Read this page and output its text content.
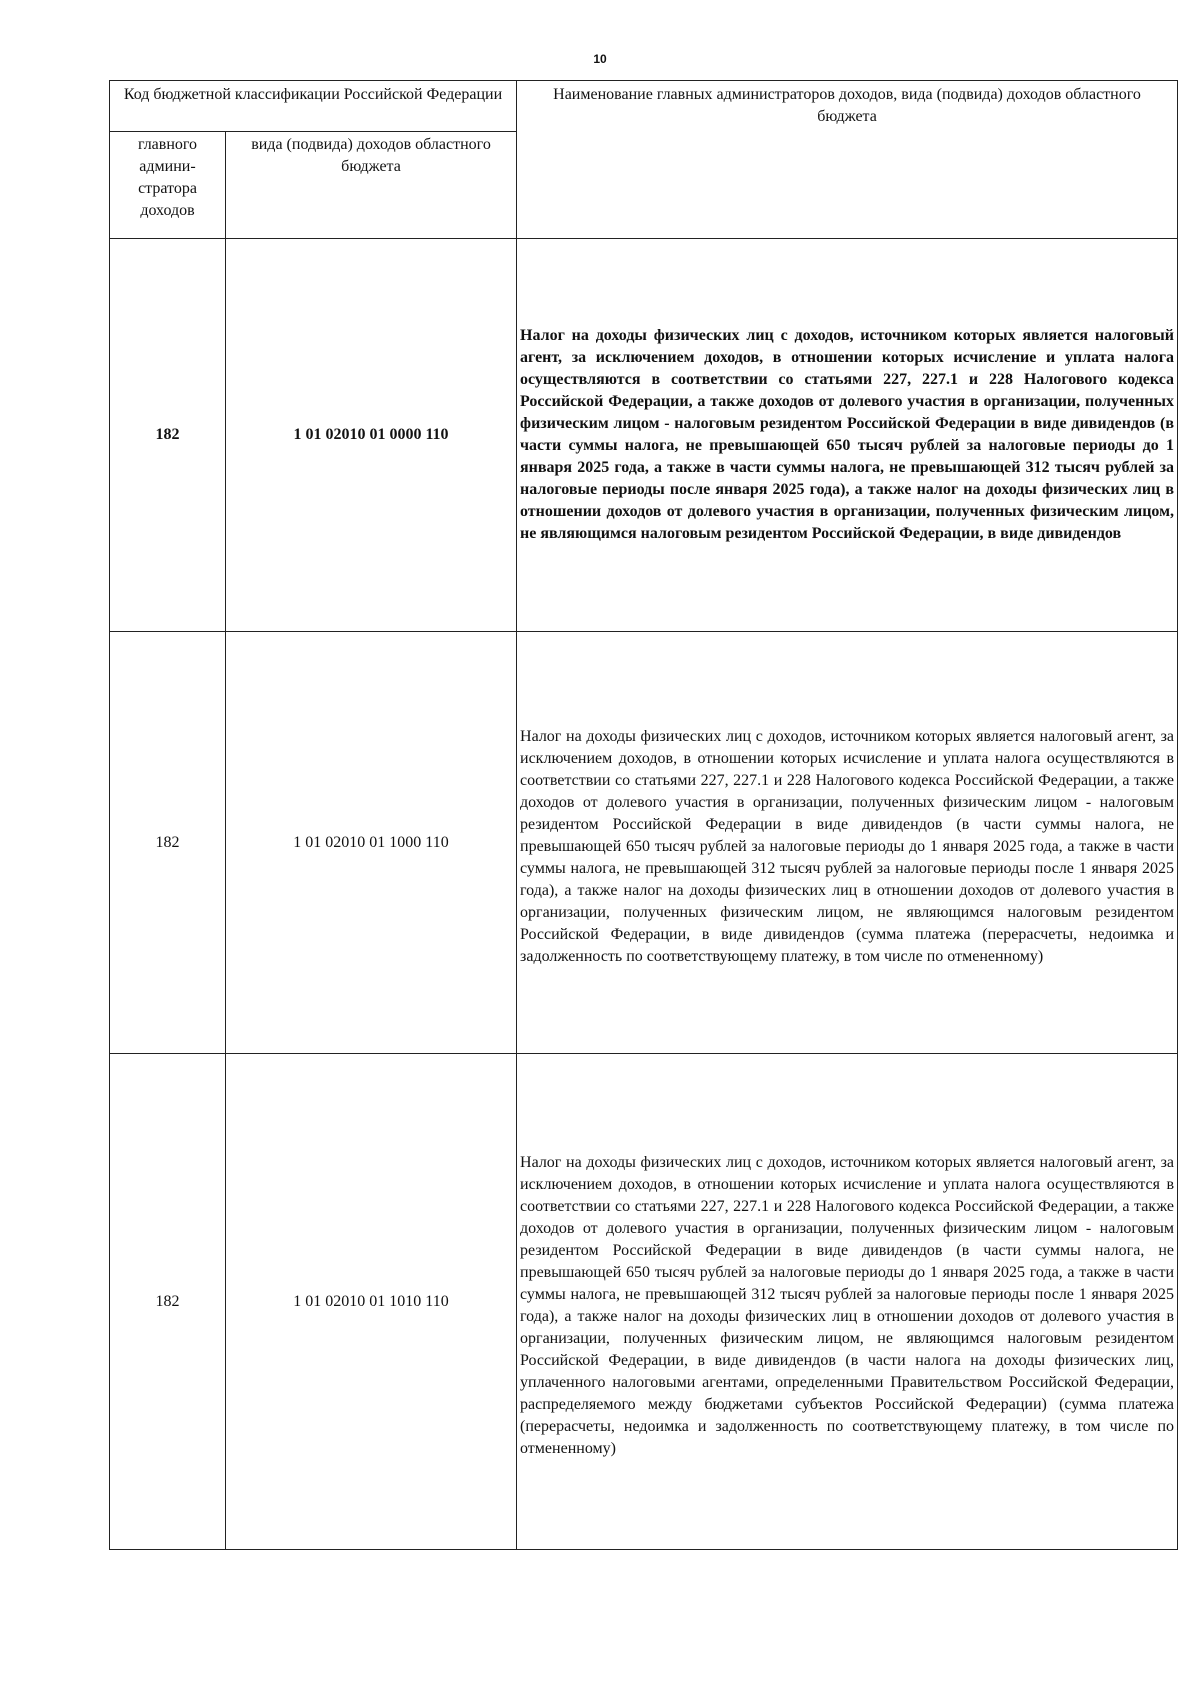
10
Код бюджетной классификации Российской Федерации		Наименование главных администраторов доходов, вида (подвида) доходов областного бюджета
главного админи-стратора доходов	вида (подвида) доходов областного бюджета	
182	1 01 02010 01 0000 110	Налог на доходы физических лиц с доходов, источником которых является налоговый агент, за исключением доходов, в отношении которых исчисление и уплата налога осуществляются в соответствии со статьями 227, 227.1 и 228 Налогового кодекса Российской Федерации, а также доходов от долевого участия в организации, полученных физическим лицом - налоговым резидентом Российской Федерации в виде дивидендов (в части суммы налога, не превышающей 650 тысяч рублей за налоговые периоды до 1 января 2025 года, а также в части суммы налога, не превышающей 312 тысяч рублей за налоговые периоды после января 2025 года), а также налог на доходы физических лиц в отношении доходов от долевого участия в организации, полученных физическим лицом, не являющимся налоговым резидентом Российской Федерации, в виде дивидендов
182	1 01 02010 01 1000 110	Налог на доходы физических лиц с доходов, источником которых является налоговый агент, за исключением доходов, в отношении которых исчисление и уплата налога осуществляются в соответствии со статьями 227, 227.1 и 228 Налогового кодекса Российской Федерации, а также доходов от долевого участия в организации, полученных физическим лицом - налоговым резидентом Российской Федерации в виде дивидендов (в части суммы налога, не превышающей 650 тысяч рублей за налоговые периоды до 1 января 2025 года, а также в части суммы налога, не превышающей 312 тысяч рублей за налоговые периоды после 1 января 2025 года), а также налог на доходы физических лиц в отношении доходов от долевого участия в организации, полученных физическим лицом, не являющимся налоговым резидентом Российской Федерации, в виде дивидендов (сумма платежа (перерасчеты, недоимка и задолженность по соответствующему платежу, в том числе по отмененному)
182	1 01 02010 01 1010 110	Налог на доходы физических лиц с доходов, источником которых является налоговый агент, за исключением доходов, в отношении которых исчисление и уплата налога осуществляются в соответствии со статьями 227, 227.1 и 228 Налогового кодекса Российской Федерации, а также доходов от долевого участия в организации, полученных физическим лицом - налоговым резидентом Российской Федерации в виде дивидендов (в части суммы налога, не превышающей 650 тысяч рублей за налоговые периоды до 1 января 2025 года, а также в части суммы налога, не превышающей 312 тысяч рублей за налоговые периоды после 1 января 2025 года), а также налог на доходы физических лиц в отношении доходов от долевого участия в организации, полученных физическим лицом, не являющимся налоговым резидентом Российской Федерации, в виде дивидендов (в части налога на доходы физических лиц, уплаченного налоговыми агентами, определенными Правительством Российской Федерации, распределяемого между бюджетами субъектов Российской Федерации) (сумма платежа (перерасчеты, недоимка и задолженность по соответствующему платежу, в том числе по отмененному)
